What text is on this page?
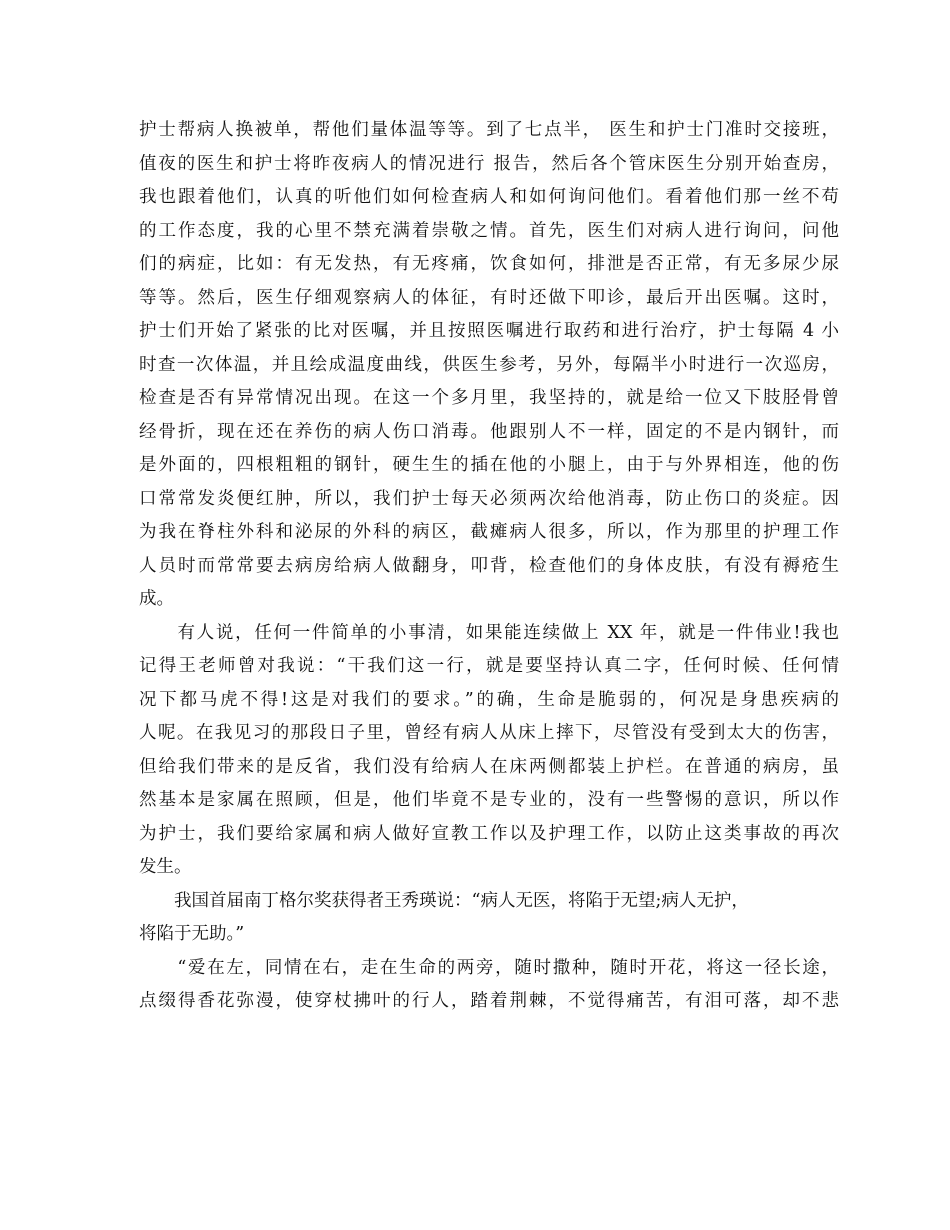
护士帮病人换被单，帮他们量体温等等。到了七点半， 医生和护士门准时交接班，
值夜的医生和护士将昨夜病人的情况进行 报告，然后各个管床医生分别开始查房，
我也跟着他们，认真的听他们如何检查病人和如何询问他们。看着他们那一丝不苟
的工作态度，我的心里不禁充满着崇敬之情。首先，医生们对病人进行询问，问他
们的病症，比如：有无发热，有无疼痛，饮食如何，排泄是否正常，有无多尿少尿
等等。然后，医生仔细观察病人的体征，有时还做下叩诊，最后开出医嘱。这时，
护士们开始了紧张的比对医嘱，并且按照医嘱进行取药和进行治疗，护士每隔 4 小
时查一次体温，并且绘成温度曲线，供医生参考，另外，每隔半小时进行一次巡房，
检查是否有异常情况出现。在这一个多月里，我坚持的，就是给一位又下肢胫骨曾
经骨折，现在还在养伤的病人伤口消毒。他跟别人不一样，固定的不是内钢针，而
是外面的，四根粗粗的钢针，硬生生的插在他的小腿上，由于与外界相连，他的伤
口常常发炎便红肿，所以，我们护士每天必须两次给他消毒，防止伤口的炎症。因
为我在脊柱外科和泌尿的外科的病区，截瘫病人很多，所以，作为那里的护理工作
人员时而常常要去病房给病人做翻身，叩背，检查他们的身体皮肤，有没有褥疮生
成。
　　有人说，任何一件简单的小事清，如果能连续做上 XX 年，就是一件伟业!我也
记得王老师曾对我说：“干我们这一行，就是要坚持认真二字，任何时候、任何情
况下都马虎不得!这是对我们的要求。”的确，生命是脆弱的，何况是身患疾病的
人呢。在我见习的那段日子里，曾经有病人从床上摔下，尽管没有受到太大的伤害，
但给我们带来的是反省，我们没有给病人在床两侧都装上护栏。在普通的病房，虽
然基本是家属在照顾，但是，他们毕竟不是专业的，没有一些警惕的意识，所以作
为护士，我们要给家属和病人做好宣教工作以及护理工作，以防止这类事故的再次
发生。
　　我国首届南丁格尔奖获得者王秀瑛说：“病人无医，将陷于无望;病人无护，
将陷于无助。”
　　“爱在左，同情在右，走在生命的两旁，随时撒种，随时开花，将这一径长途，
点缀得香花弥漫，使穿杖拂叶的行人，踏着荆棘，不觉得痛苦，有泪可落，却不悲
